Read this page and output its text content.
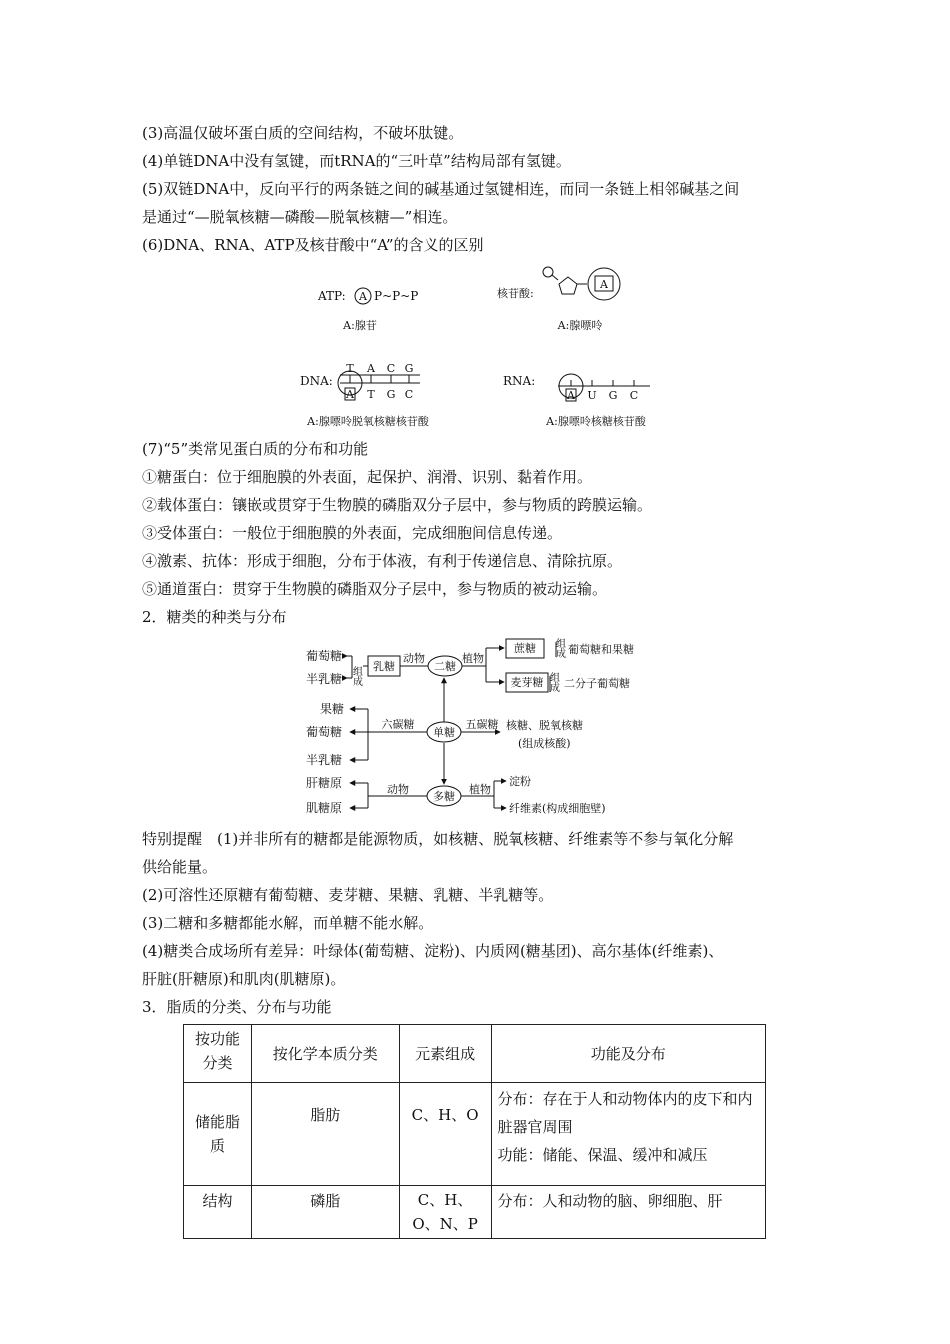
(3)高温仅破坏蛋白质的空间结构，不破坏肽键。
(4)单链DNA中没有氢键，而tRNA的“三叶草”结构局部有氢键。
(5)双链DNA中，反向平行的两条链之间的碱基通过氢键相连，而同一条链上相邻碱基之间
是通过“—脱氧核糖—磷酸—脱氧核糖—”相连。
(6)DNA、RNA、ATP及核苷酸中“A”的含义的区别
ATP: A P~P~P
A:腺苷
核苷酸:
A
A:腺嘌呤
DNA:
T A C G
A T G C
A:腺嘌呤脱氧核糖核苷酸
RNA:
A U G C
A:腺嘌呤核糖核苷酸
(7)“5”类常见蛋白质的分布和功能
①糖蛋白：位于细胞膜的外表面，起保护、润滑、识别、黏着作用。
②载体蛋白：镶嵌或贯穿于生物膜的磷脂双分子层中，参与物质的跨膜运输。
③受体蛋白：一般位于细胞膜的外表面，完成细胞间信息传递。
④激素、抗体：形成于细胞，分布于体液，有利于传递信息、清除抗原。
⑤通道蛋白：贯穿于生物膜的磷脂双分子层中，参与物质的被动运输。
2．糖类的种类与分布
葡萄糖
半乳糖 组成 乳糖
动物
二糖
植物
蔗糖 组成 葡萄糖和果糖
麦芽糖 组成 二分子葡萄糖
果糖
葡萄糖
半乳糖
六碳糖
单糖
五碳糖 核糖、脱氧核糖
(组成核酸)
肝糖原
肌糖原
动物
多糖
植物
淀粉
纤维素(构成细胞壁)
特别提醒　(1)并非所有的糖都是能源物质，如核糖、脱氧核糖、纤维素等不参与氧化分解
供给能量。
(2)可溶性还原糖有葡萄糖、麦芽糖、果糖、乳糖、半乳糖等。
(3)二糖和多糖都能水解，而单糖不能水解。
(4)糖类合成场所有差异：叶绿体(葡萄糖、淀粉)、内质网(糖基团)、高尔基体(纤维素)、
肝脏(肝糖原)和肌肉(肌糖原)。
3．脂质的分类、分布与功能
按功能分类	按化学本质分类	元素组成	功能及分布
储能脂质	脂肪	C、H、O	分布：存在于人和动物体内的皮下和内脏器官周围
功能：储能、保温、缓冲和减压

结构	磷脂	C、H、O、N、P	分布：人和动物的脑、卵细胞、肝
